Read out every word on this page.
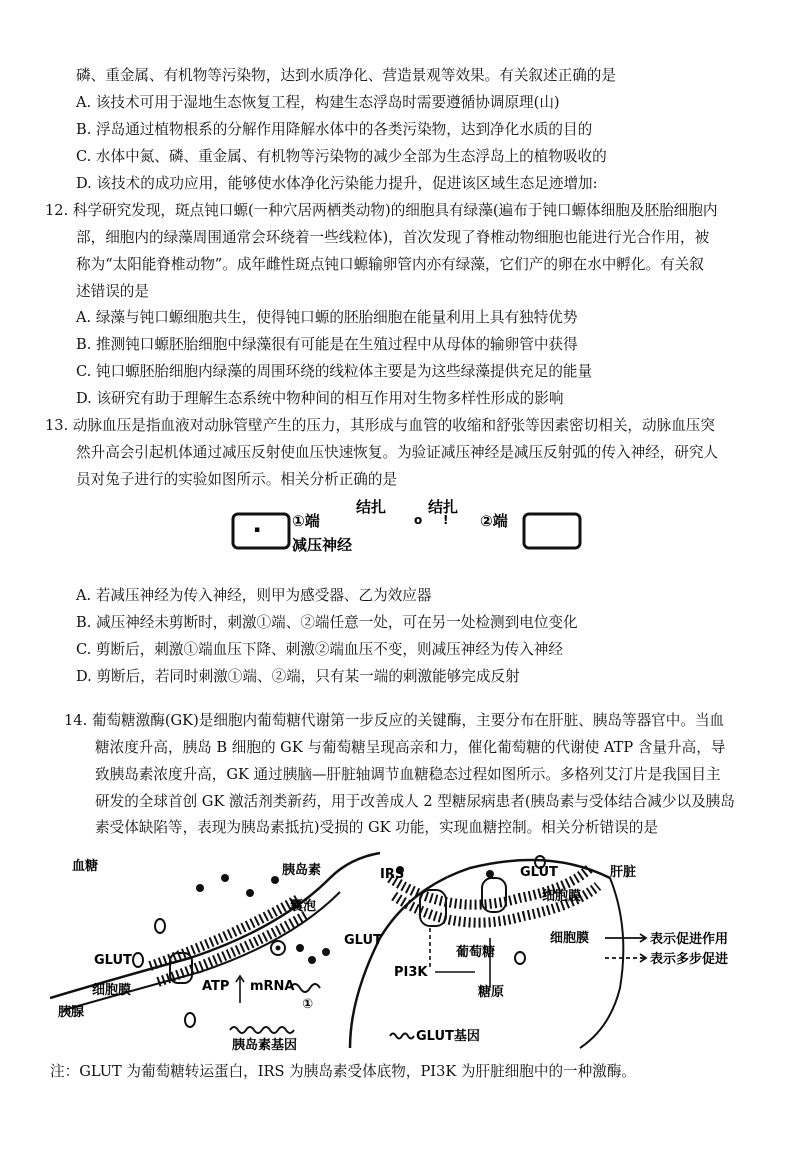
磷、重金属、有机物等污染物，达到水质净化、营造景观等效果。有关叙述正确的是
A. 该技术可用于湿地生态恢复工程，构建生态浮岛时需要遵循协调原理(山)
B. 浮岛通过植物根系的分解作用降解水体中的各类污染物，达到净化水质的目的
C. 水体中氮、磷、重金属、有机物等污染物的减少全部为生态浮岛上的植物吸收的
D. 该技术的成功应用，能够使水体净化污染能力提升，促进该区域生态足迹增加:
12. 科学研究发现，斑点钝口螈(一种穴居两栖类动物)的细胞具有绿藻(遍布于钝口螈体细胞及胚胎细胞内
部，细胞内的绿藻周围通常会环绕着一些线粒体)，首次发现了脊椎动物细胞也能进行光合作用，被
称为“太阳能脊椎动物”。成年雌性斑点钝口螈输卵管内亦有绿藻，它们产的卵在水中孵化。有关叙
述错误的是
A. 绿藻与钝口螈细胞共生，使得钝口螈的胚胎细胞在能量利用上具有独特优势
B. 推测钝口螈胚胎细胞中绿藻很有可能是在生殖过程中从母体的输卵管中获得
C. 钝口螈胚胎细胞内绿藻的周围环绕的线粒体主要是为这些绿藻提供充足的能量
D. 该研究有助于理解生态系统中物种间的相互作用对生物多样性形成的影响
13. 动脉血压是指血液对动脉管壁产生的压力，其形成与血管的收缩和舒张等因素密切相关，动脉血压突
然升高会引起机体通过减压反射使血压快速恢复。为验证减压神经是减压反射弧的传入神经，研究人
员对兔子进行的实验如图所示。相关分析正确的是
▪ ①端
减压神经
结扎	结扎
ο ! ②端
A. 若减压神经为传入神经，则甲为感受器、乙为效应器
B. 减压神经未剪断时，刺激①端、②端任意一处，可在另一处检测到电位变化
C. 剪断后，刺激①端血压下降、刺激②端血压不变，则减压神经为传入神经
D. 剪断后，若同时刺激①端、②端，只有某一端的刺激能够完成反射
14. 葡萄糖激酶(GK)是细胞内葡萄糖代谢第一步反应的关键酶，主要分布在肝脏、胰岛等器官中。当血
糖浓度升高，胰岛 B 细胞的 GK 与葡萄糖呈现高亲和力，催化葡萄糖的代谢使 ATP 含量升高，导
致胰岛素浓度升高，GK 通过胰脑—肝脏轴调节血糖稳态过程如图所示。多格列艾汀片是我国目主
研发的全球首创 GK 激活剂类新药，用于改善成人 2 型糖尿病患者(胰岛素与受体结合减少以及胰岛
素受体缺陷等，表现为胰岛素抵抗)受损的 GK 功能，实现血糖控制。相关分析错误的是
血糖	胰岛素
囊泡
GLUT
细胞膜
胰腺
ATP mRNA
①
胰岛素基因
IRS	GLUT	肝脏
细胞膜
GLUT
葡萄糖
细胞膜
PI3K
糖原
GLUT基因
表示促进作用
表示多步促进
注：GLUT 为葡萄糖转运蛋白，IRS 为胰岛素受体底物，PI3K 为肝脏细胞中的一种激酶。
